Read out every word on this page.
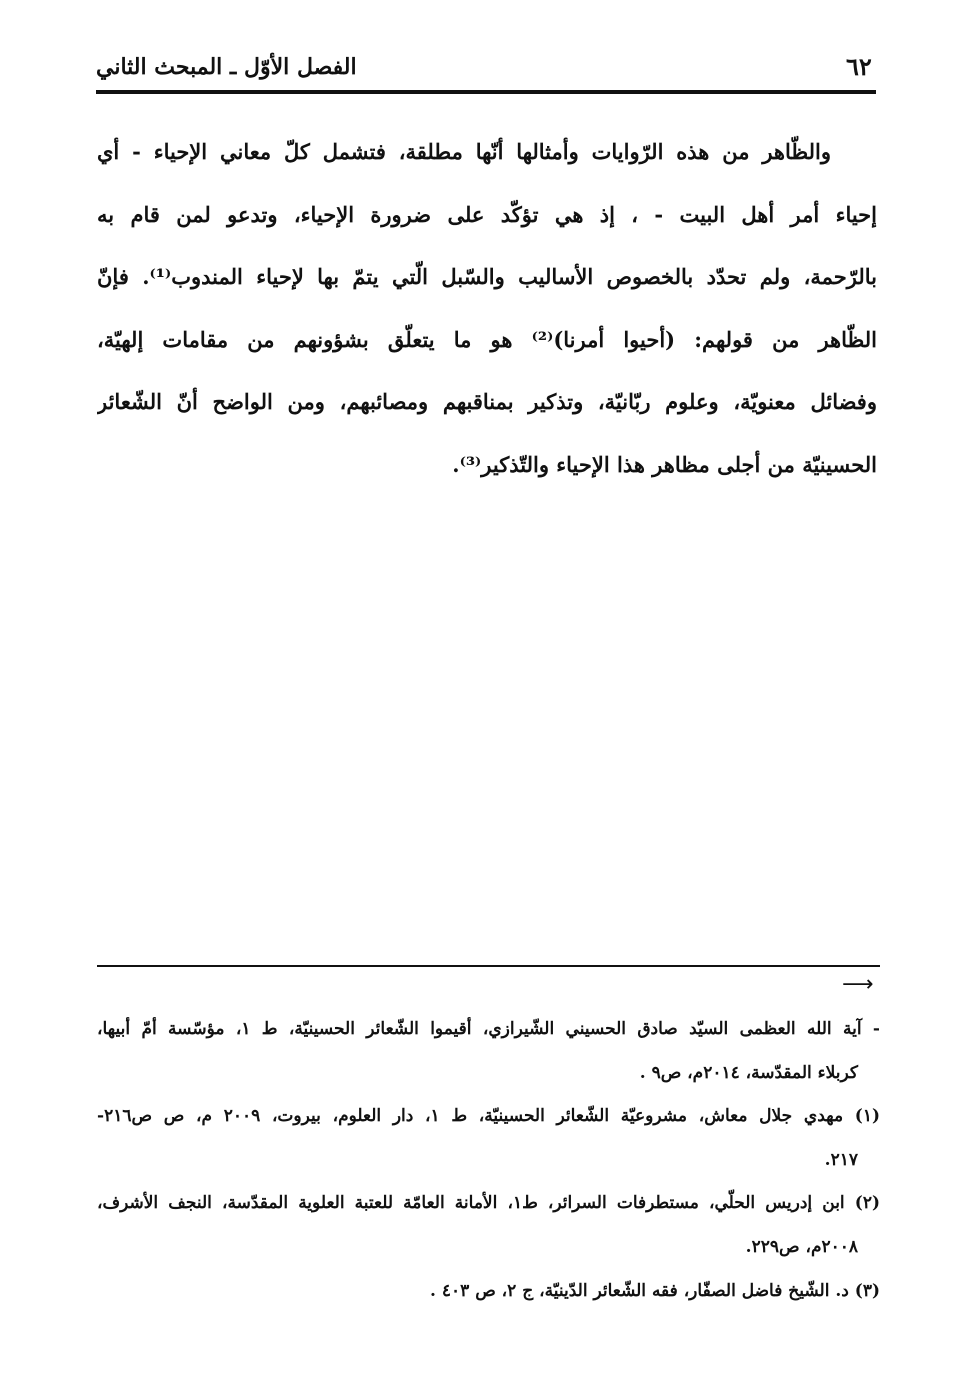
٦٢
الفصل الأوّل ـ المبحث الثاني
والظّاهر من هذه الرّوايات وأمثالها أنّها مطلقة، فتشمل كلّ معاني الإحياء - أي
إحياء أمر أهل البيت‏ - ، إذ هي تؤكّد على ضرورة الإحياء، وتدعو لمن قام به
بالرّحمة، ولم تحدّد بالخصوص الأساليب والسّبل الّتي يتمّ بها لإحياء المندوب⁽¹⁾. فإنّ
الظّاهر من قولهم‏: (أحيوا أمرنا)⁽²⁾ هو ما يتعلّق بشؤونهم من مقامات إلهيّة،
وفضائل معنويّة، وعلوم ربّانيّة، وتذكير بمناقبهم ومصائبهم، ومن الواضح أنّ الشّعائر
الحسينيّة من أجلى مظاهر هذا الإحياء والتّذكير⁽³⁾.
⟶
- آية الله العظمى السيّد صادق الحسيني الشّيرازي، أقيموا الشّعائر الحسينيّة، ط ١، مؤسّسة أمّ أبيها‏،
كربلاء المقدّسة، ٢٠١٤م، ص٩ .
(١) مهدي جلال معاش، مشروعيّة الشّعائر الحسينيّة، ط ١، دار العلوم، بيروت، ٢٠٠٩ م، ص ص٢١٦-
٢١٧.
(٢) ابن إدريس الحلّي، مستطرفات السرائر، ط١، الأمانة العامّة للعتبة العلوية المقدّسة، النجف الأشرف،
٢٠٠٨م، ص٢٢٩.
(٣) د. الشّيخ فاضل الصفّار، فقه الشّعائر الدّينيّة، ج ٢، ص ٤٠٣ .
